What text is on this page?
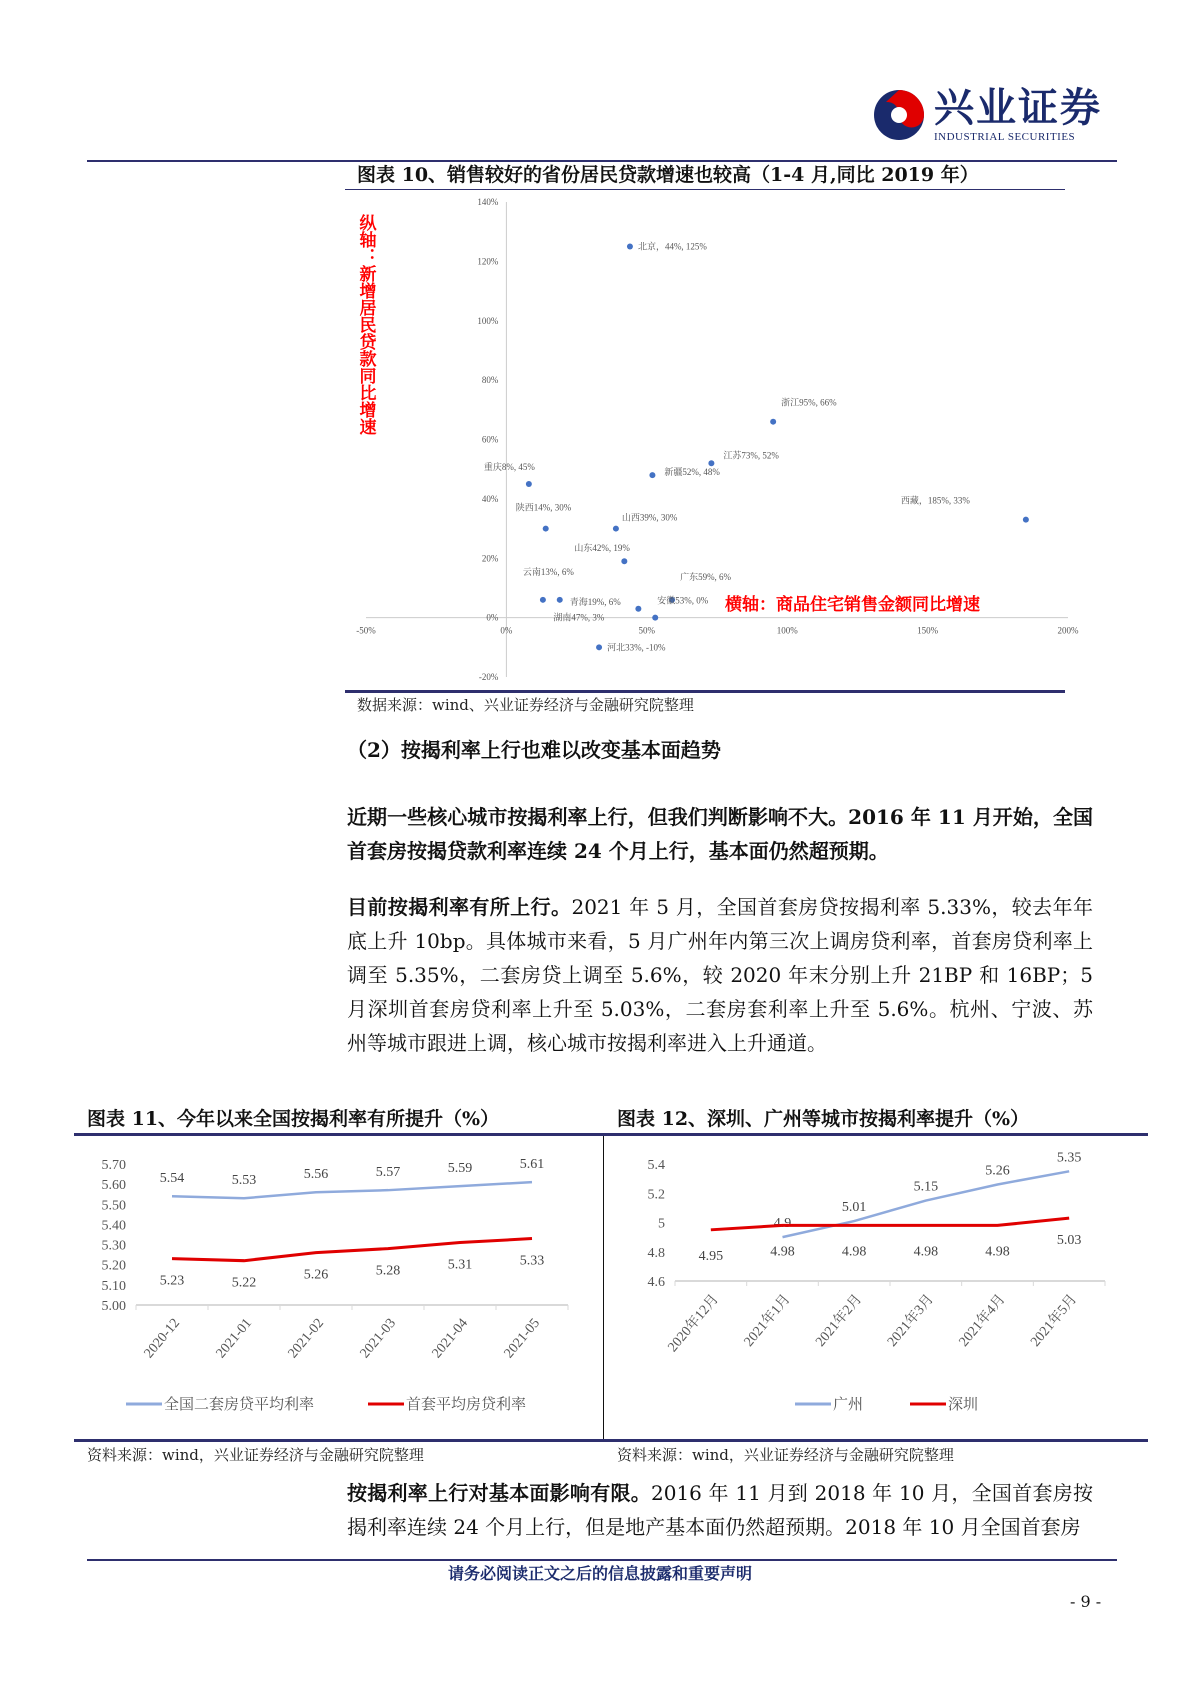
兴业证券
INDUSTRIAL SECURITIES
图表 10、销售较好的省份居民贷款增速也较高（1-4 月,同比 2019 年）
140%
120%
100%
80%
60%
40%
20%
0%
-20%
-50%	0%	50%	100%	150%	200%
北京，44%, 125%
浙江95%, 66%
江苏73%, 52%
新疆52%, 48%
重庆8%, 45%
西藏，185%, 33%
陕西14%, 30%
山西39%, 30%
山东42%, 19%
云南13%, 6%
青海19%, 6%
广东59%, 6%
湖南47%, 3%
安徽53%, 0%
河北33%, -10%
纵轴：新增居民贷款同比增速
横轴：商品住宅销售金额同比增速
数据来源：wind、兴业证券经济与金融研究院整理
（2）按揭利率上行也难以改变基本面趋势
近期一些核心城市按揭利率上行，但我们判断影响不大。2016 年 11 月开始，全国首套房按揭贷款利率连续 24 个月上行，基本面仍然超预期。
目前按揭利率有所上行。2021 年 5 月，全国首套房贷按揭利率 5.33%，较去年年底上升 10bp。具体城市来看，5 月广州年内第三次上调房贷利率，首套房贷利率上调至 5.35%，二套房贷上调至 5.6%，较 2020 年末分别上升 21BP 和 16BP；5 月深圳首套房贷利率上升至 5.03%，二套房套利率上升至 5.6%。杭州、宁波、苏州等城市跟进上调，核心城市按揭利率进入上升通道。
图表 11、今年以来全国按揭利率有所提升（%）	图表 12、深圳、广州等城市按揭利率提升（%）
5.70
5.60
5.50
5.40
5.30
5.20
5.10
5.00
2020-12 2021-01 2021-02 2021-03 2021-04 2021-05
5.54	5.53	5.56	5.57	5.59	5.61
全国二套房贷平均利率
5.23	5.22
5.26	5.28	5.31	5.33
首套平均房贷利率
5.4
5.2
5
4.8
4.6
2020年12月 2021年1月 2021年2月 2021年3月 2021年4月 2021年5月
4.9
5.01
5.15
5.26
5.35
广州
4.95	4.98	4.98	4.98	4.98
5.03
深圳
资料来源：wind，兴业证券经济与金融研究院整理	资料来源：wind，兴业证券经济与金融研究院整理
按揭利率上行对基本面影响有限。2016 年 11 月到 2018 年 10 月，全国首套房按揭利率连续 24 个月上行，但是地产基本面仍然超预期。2018 年 10 月全国首套房
请务必阅读正文之后的信息披露和重要声明
- 9 -
